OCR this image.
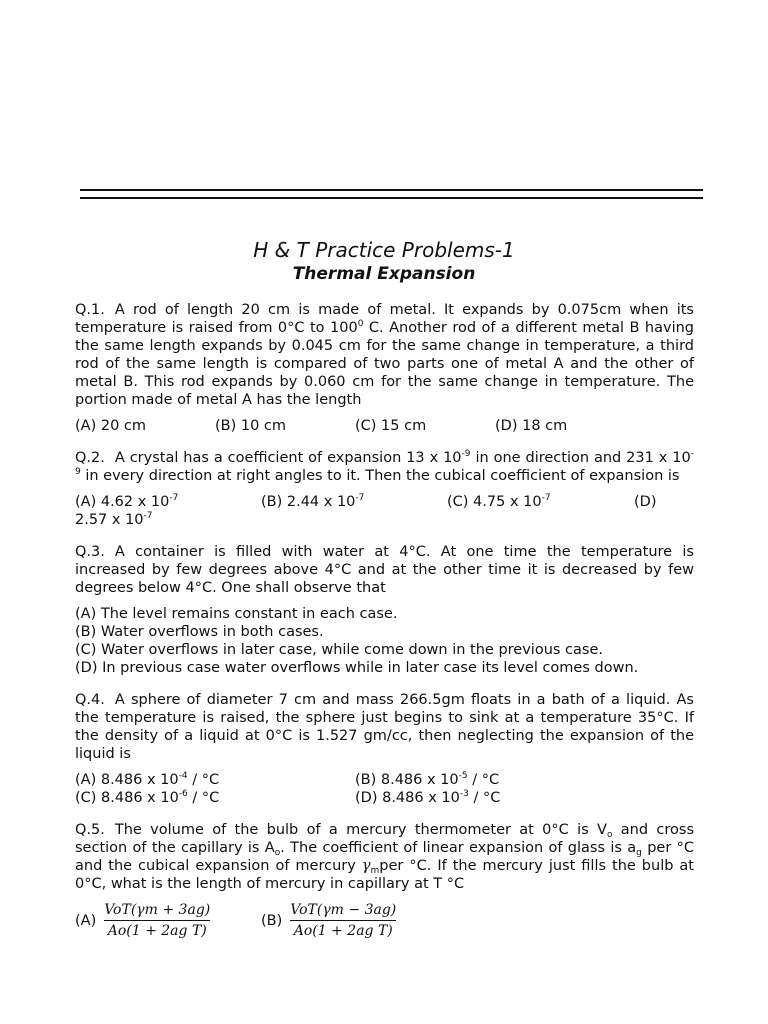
H & T Practice Problems-1
Thermal Expansion

Q.1. A rod of length 20 cm is made of metal. It expands by 0.075cm when its temperature is raised from 0°C to $100^0$ C. Another rod of a different metal B having the same length expands by 0.045 cm for the same change in temperature, a third rod of the same length is compared of two parts one of metal A and the other of metal B. This rod expands by 0.060 cm for the same change in temperature. The portion made of metal A has the length

(A) 20 cm	(B) 10 cm	(C) 15 cm	(D) 18 cm

Q.2. A crystal has a coefficient of expansion 13 x $10^{-9}$ in one direction and 231 x $10^{-9}$ in every direction at right angles to it. Then the cubical coefficient of expansion is

(A) 4.62 x $10^{-7}$	(B) 2.44 x $10^{-7}$	(C) 4.75 x $10^{-7}$	(D)
2.57 x $10^{-7}$

Q.3. A container is filled with water at 4°C. At one time the temperature is increased by few degrees above 4°C and at the other time it is decreased by few degrees below 4°C. One shall observe that

(A) The level remains constant in each case.
(B) Water overflows in both cases.
(C) Water overflows in later case, while come down in the previous case.
(D) In previous case water overflows while in later case its level comes down.

Q.4. A sphere of diameter 7 cm and mass 266.5gm floats in a bath of a liquid. As the temperature is raised, the sphere just begins to sink at a temperature 35°C. If the density of a liquid at 0°C is 1.527 gm/cc, then neglecting the expansion of the liquid is

(A) 8.486 x $10^{-4} / ^\circ C$	(B) 8.486 x $10^{-5} / ^\circ C$
(C) 8.486 x $10^{-6} / ^\circ C$	(D) 8.486 x $10^{-3} / ^\circ C$

Q.5. The volume of the bulb of a mercury thermometer at 0°C is $V_o$ and cross section of the capillary is $A_o$. The coefficient of linear expansion of glass is $a_g$ per °C and the cubical expansion of mercury $\gamma_mper$ °C. If the mercury just fills the bulb at 0°C, what is the length of mercury in capillary at T °C

$(A) \frac{\text{VoT(γm + 3ag)}}{\text{Ao(1 + 2ag T)}}$	$(B) \frac{\text{VoT(γm − 3ag)}}{\text{Ao(1 + 2ag T)}}$
